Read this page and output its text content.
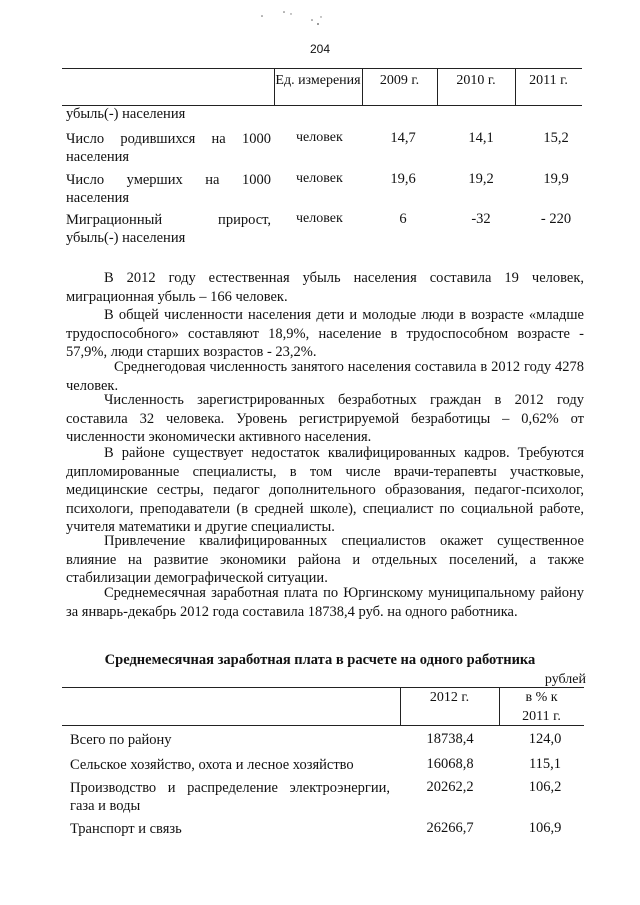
204
Ед. измерения	2009 г.	2010 г.	2011 г.
убыль(-) населения
Число родившихся на 1000
населения
человек	14,7	14,1	15,2
Число умерших на 1000
населения
человек	19,6	19,2	19,9
Миграционный прирост,
убыль(-) населения
человек	6	-32	- 220

В 2012 году естественная убыль населения составила 19 человек, миграционная убыль – 166 человек.

В общей численности населения дети и молодые люди в возрасте «младше трудоспособного» составляют 18,9%, население в трудоспособном возрасте - 57,9%, люди старших возрастов - 23,2%.

Среднегодовая численность занятого населения составила в 2012 году 4278 человек.

Численность зарегистрированных безработных граждан в 2012 году составила 32 человека. Уровень регистрируемой безработицы – 0,62% от численности экономически активного населения.

В районе существует недостаток квалифицированных кадров. Требуются дипломированные специалисты, в том числе врачи-терапевты участковые, медицинские сестры, педагог дополнительного образования, педагог-психолог, психологи, преподаватели (в средней школе), специалист по социальной работе, учителя математики и другие специалисты.

Привлечение квалифицированных специалистов окажет существенное влияние на развитие экономики района и отдельных поселений, а также стабилизации демографической ситуации.

Среднемесячная заработная плата по Юргинскому муниципальному району за январь-декабрь 2012 года составила 18738,4 руб. на одного работника.

Среднемесячная заработная плата в расчете на одного работника
рублей
2012 г.	в % к
2011 г.
Всего по району	18738,4	124,0
Сельское хозяйство, охота и лесное хозяйство	16068,8	115,1
Производство и распределение электроэнергии,
газа и воды
20262,2	106,2
Транспорт и связь	26266,7	106,9
